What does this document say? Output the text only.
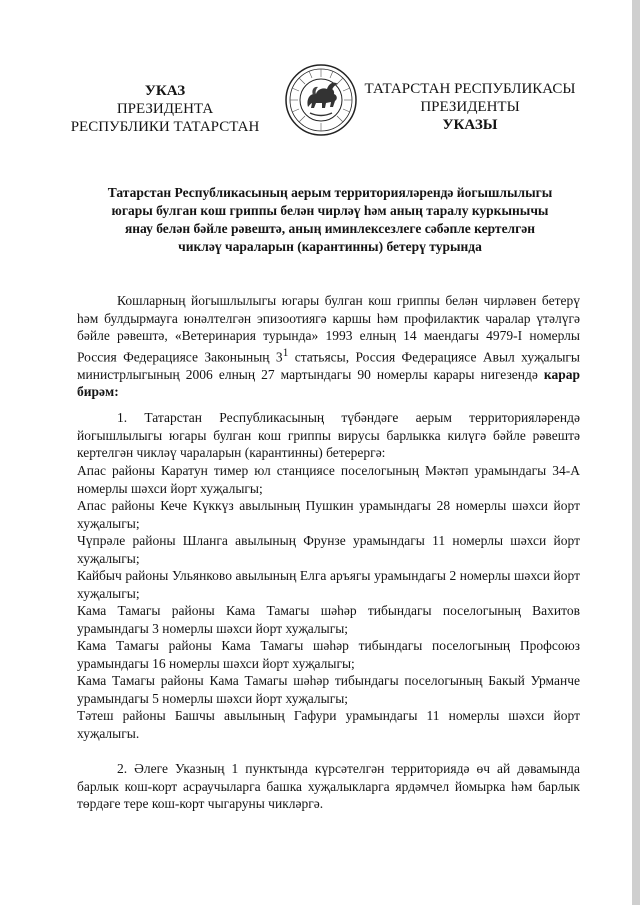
УКАЗ
ПРЕЗИДЕНТА
РЕСПУБЛИКИ ТАТАРСТАН
ТАТАРСТАН РЕСПУБЛИКАСЫ
ПРЕЗИДЕНТЫ
УКАЗЫ
Татарстан Республикасының аерым территорияләрендә йогышлылыгы
югары булган кош гриппы белән чирләү һәм аның таралу куркынычы
янау белән бәйле рәвештә, аның иминлексезлеге сәбәпле кертелгән
чикләү чараларын (карантинны) бетерү турында
Кошларның йогышлылыгы югары булган кош гриппы белән чирләвен бетерү һәм булдырмауга юнәлтелгән эпизоотиягә каршы һәм профилактик чаралар үтәлүгә бәйле рәвештә, «Ветеринария турында» 1993 елның 14 маендагы 4979-I номерлы Россия Федерациясе Законының $3^1$ статьясы, Россия Федерациясе Авыл хуҗалыгы министрлыгының 2006 елның 27 мартындагы 90 номерлы карары нигезендә карар бирәм:
1. Татарстан Республикасының түбәндәге аерым территорияләрендә йогышлылыгы югары булган кош гриппы вирусы барлыкка килүгә бәйле рәвештә кертелгән чикләү чараларын (карантинны) бетерергә:
Апас районы Каратун тимер юл станциясе поселогының Мәктәп урамындагы 34-А номерлы шәхси йорт хуҗалыгы;
Апас районы Кече Күккүз авылының Пушкин урамындагы 28 номерлы шәхси йорт хуҗалыгы;
Чүпрәле районы Шланга авылының Фрунзе урамындагы 11 номерлы шәхси йорт хуҗалыгы;
Кайбыч районы Ульянково авылының Елга аръягы урамындагы 2 номерлы шәхси йорт хуҗалыгы;
Кама Тамагы районы Кама Тамагы шәһәр тибындагы поселогының Вахитов урамындагы 3 номерлы шәхси йорт хуҗалыгы;
Кама Тамагы районы Кама Тамагы шәһәр тибындагы поселогының Профсоюз урамындагы 16 номерлы шәхси йорт хуҗалыгы;
Кама Тамагы районы Кама Тамагы шәһәр тибындагы поселогының Бакый Урманче урамындагы 5 номерлы шәхси йорт хуҗалыгы;
Тәтеш районы Башчы авылының Гафури урамындагы 11 номерлы шәхси йорт хуҗалыгы.
2. Әлеге Указның 1 пунктында күрсәтелгән территориядә өч ай дәвамында барлык кош-корт асраучыларга башка хуҗалыкларга ярдәмчел йомырка һәм барлык төрдәге тере кош-корт чыгаруны чикләргә.
